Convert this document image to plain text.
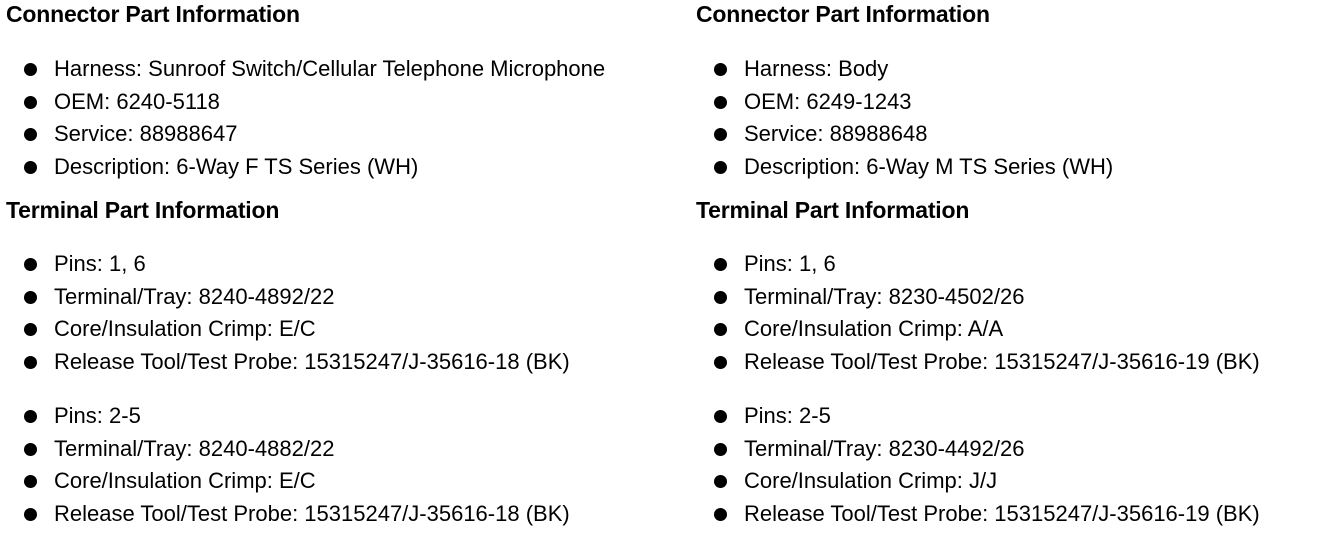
Connector Part Information
Harness: Sunroof Switch/Cellular Telephone Microphone
OEM: 6240-5118
Service: 88988647
Description: 6-Way F TS Series (WH)
Terminal Part Information
Pins: 1, 6
Terminal/Tray: 8240-4892/22
Core/Insulation Crimp: E/C
Release Tool/Test Probe: 15315247/J-35616-18 (BK)
Pins: 2-5
Terminal/Tray: 8240-4882/22
Core/Insulation Crimp: E/C
Release Tool/Test Probe: 15315247/J-35616-18 (BK)
Connector Part Information
Harness: Body
OEM: 6249-1243
Service: 88988648
Description: 6-Way M TS Series (WH)
Terminal Part Information
Pins: 1, 6
Terminal/Tray: 8230-4502/26
Core/Insulation Crimp: A/A
Release Tool/Test Probe: 15315247/J-35616-19 (BK)
Pins: 2-5
Terminal/Tray: 8230-4492/26
Core/Insulation Crimp: J/J
Release Tool/Test Probe: 15315247/J-35616-19 (BK)
